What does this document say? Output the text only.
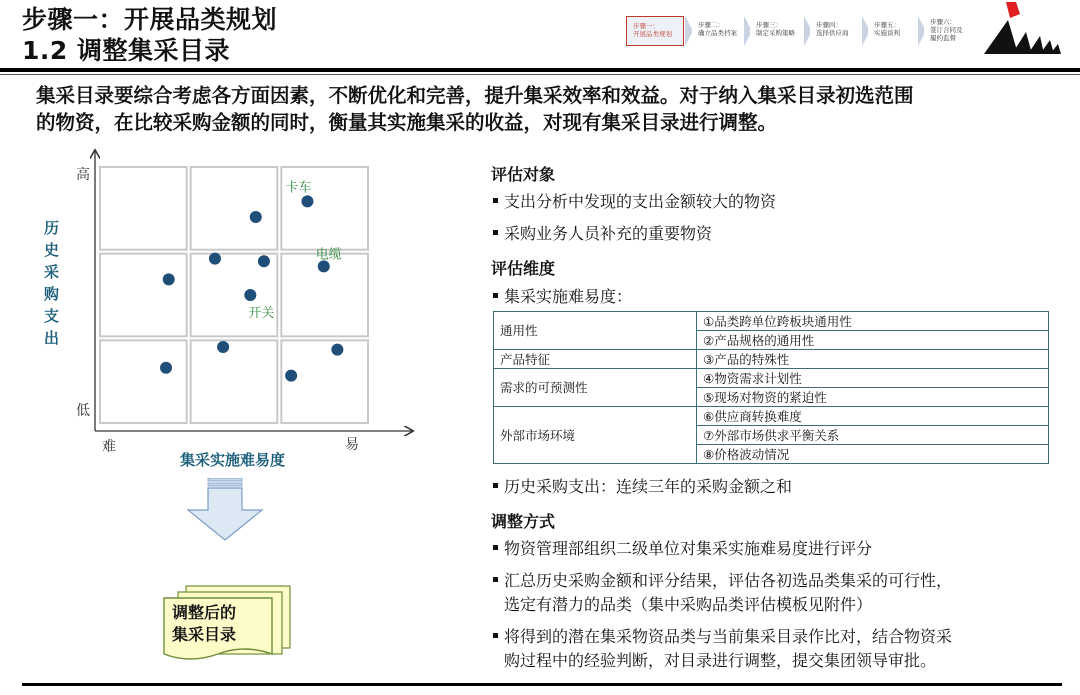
步骤一：开展品类规划
1.2 调整集采目录
步骤一：
开展品类规划
步骤二：
确立品类档案
步骤三：
制定采购策略
步骤四：
选择供应商
步骤五：
实施谈判
步骤六：
签订合同及
履约监督
集采目录要综合考虑各方面因素，不断优化和完善，提升集采效率和效益。对于纳入集采目录初选范围
的物资，在比较采购金额的同时，衡量其实施集采的收益，对现有集采目录进行调整。
高
低
难	易
集采实施难易度
历
史
采
购
支
出
卡车
电缆
开关
调整后的
集采目录
评估对象
支出分析中发现的支出金额较大的物资
采购业务人员补充的重要物资
评估维度
集采实施难易度：
通用性	①品类跨单位跨板块通用性
	②产品规格的通用性
产品特征	③产品的特殊性
需求的可预测性	④物资需求计划性
	⑤现场对物资的紧迫性
外部市场环境	⑥供应商转换难度
	⑦外部市场供求平衡关系
	⑧价格波动情况
历史采购支出：连续三年的采购金额之和
调整方式
物资管理部组织二级单位对集采实施难易度进行评分
汇总历史采购金额和评分结果，评估各初选品类集采的可行性，
选定有潜力的品类（集中采购品类评估模板见附件）
将得到的潜在集采物资品类与当前集采目录作比对，结合物资采
购过程中的经验判断，对目录进行调整，提交集团领导审批。
